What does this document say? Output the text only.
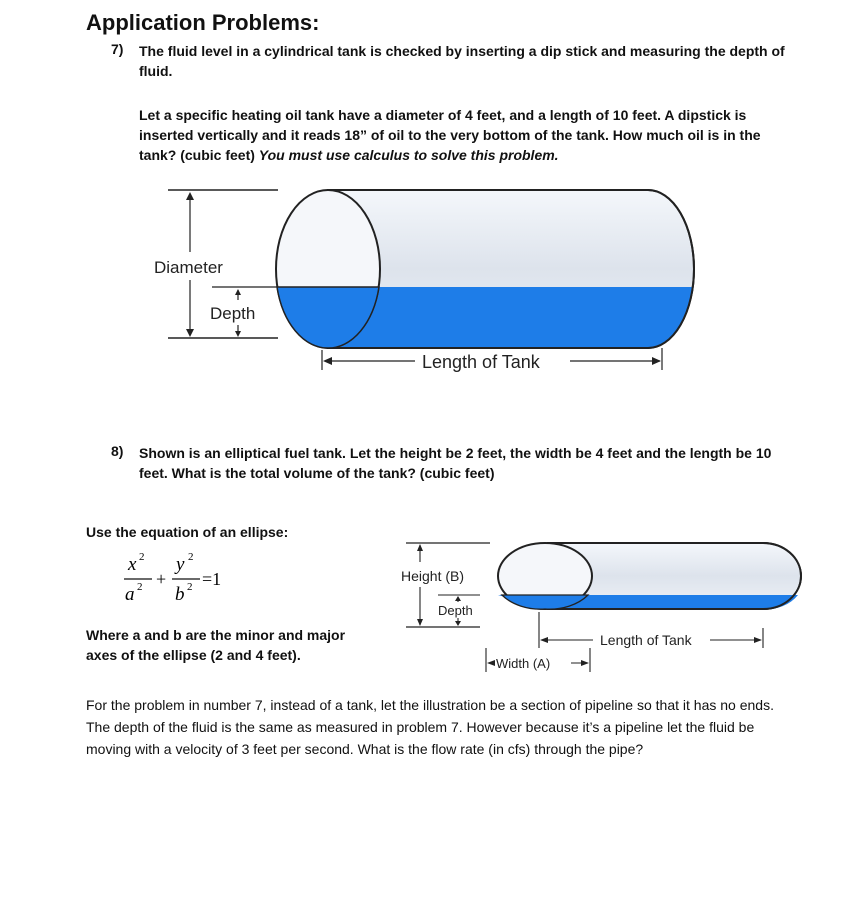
Application Problems:
7) The fluid level in a cylindrical tank is checked by inserting a dip stick and measuring the depth of fluid.
Let a specific heating oil tank have a diameter of 4 feet, and a length of 10 feet. A dipstick is inserted vertically and it reads 18” of oil to the very bottom of the tank. How much oil is in the tank? (cubic feet) You must use calculus to solve this problem.
Diameter
Depth
Length of Tank
8) Shown is an elliptical fuel tank. Let the height be 2 feet, the width be 4 feet and the length be 10 feet. What is the total volume of the tank? (cubic feet)
Use the equation of an ellipse:
x 2
a 2 +
y 2
b 2 =1
Where a and b are the minor and major axes of the ellipse (2 and 4 feet).
Height (B)
Depth
Length of Tank
Width (A)
For the problem in number 7, instead of a tank, let the illustration be a section of pipeline so that it has no ends. The depth of the fluid is the same as measured in problem 7. However because it’s a pipeline let the fluid be moving with a velocity of 3 feet per second. What is the flow rate (in cfs) through the pipe?
